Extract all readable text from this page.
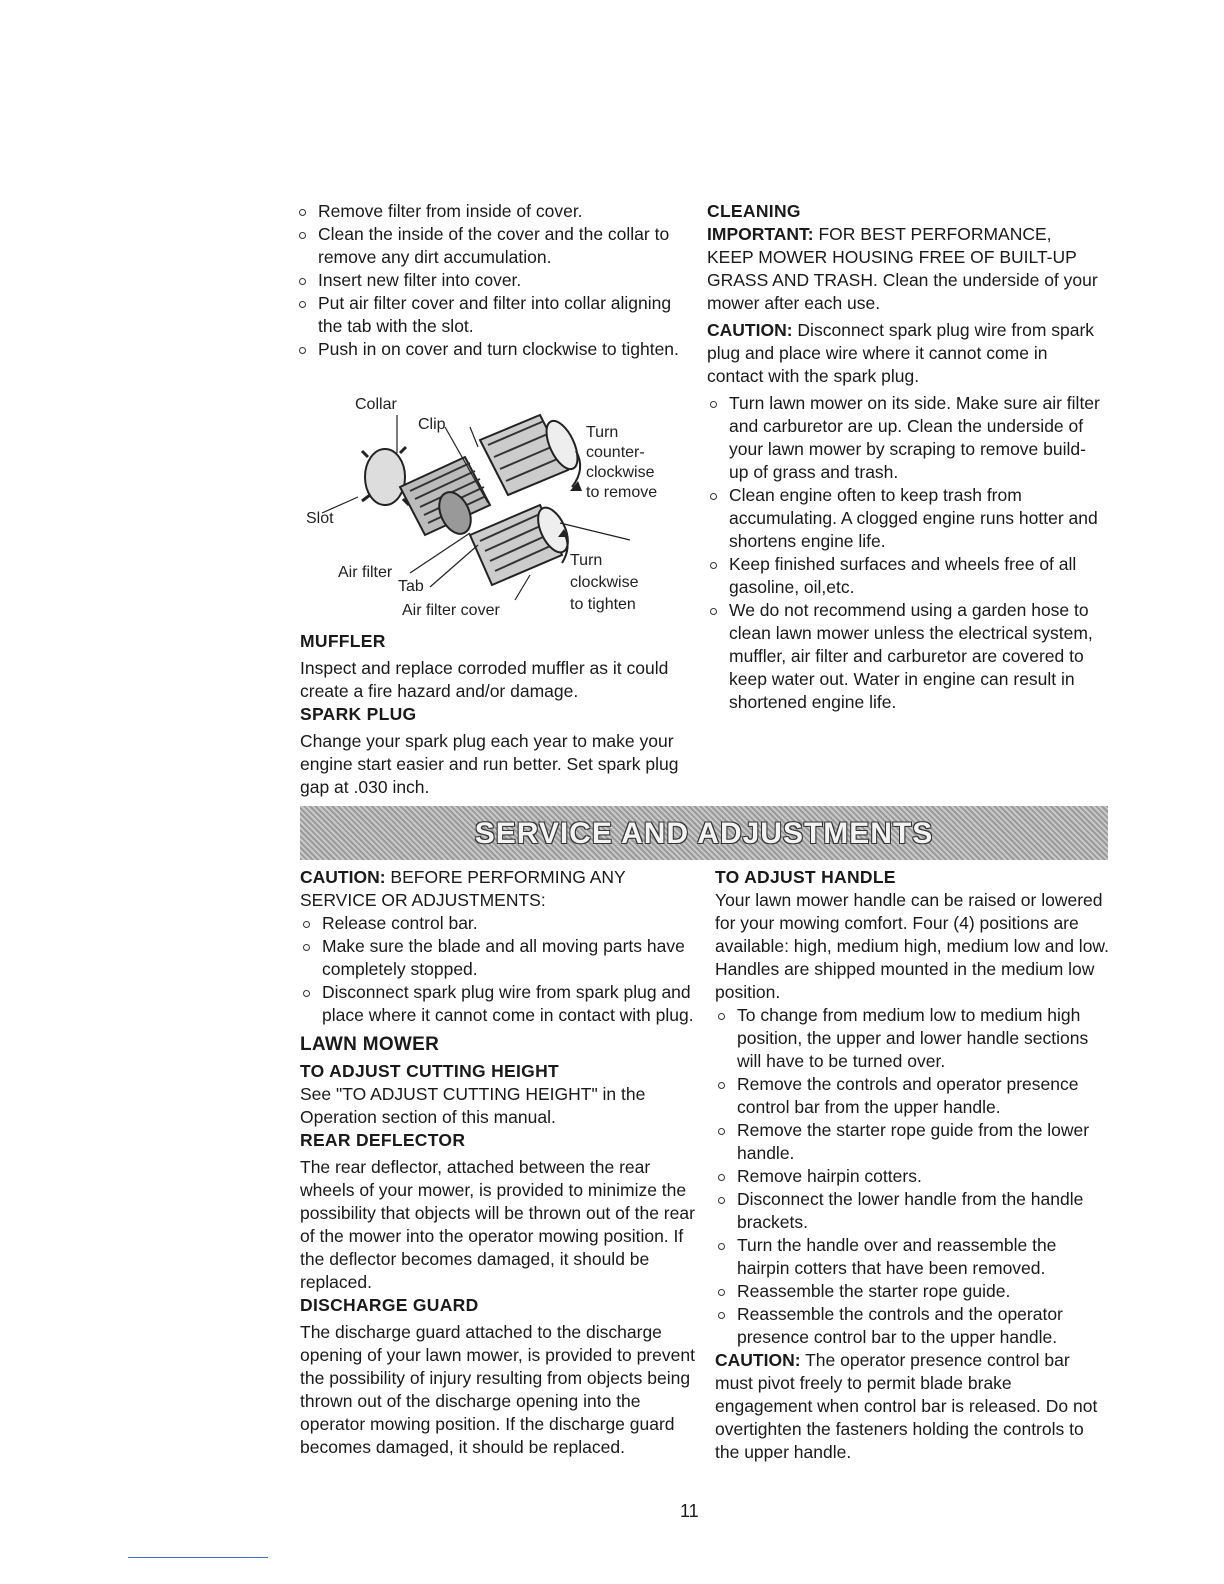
Remove filter from inside of cover.
Clean the inside of the cover and the collar to remove any dirt accumulation.
Insert new filter into cover.
Put air filter cover and filter into collar aligning the tab with the slot.
Push in on cover and turn clockwise to tighten.
Collar
Clip
Slot
Air filter
Tab
Air filter cover
Turn
counter-
clockwise
to remove
Turn
clockwise
to tighten
MUFFLER

Inspect and replace corroded muffler as it could create a fire hazard and/or damage.

SPARK PLUG

Change your spark plug each year to make your engine start easier and run better. Set spark plug gap at .030 inch.

CLEANING

IMPORTANT: FOR BEST PERFORMANCE, KEEP MOWER HOUSING FREE OF BUILT-UP GRASS AND TRASH. Clean the underside of your mower after each use.

CAUTION: Disconnect spark plug wire from spark plug and place wire where it cannot come in contact with the spark plug.

Turn lawn mower on its side. Make sure air filter and carburetor are up. Clean the underside of your lawn mower by scraping to remove build-up of grass and trash.
Clean engine often to keep trash from accumulating. A clogged engine runs hotter and shortens engine life.
Keep finished surfaces and wheels free of all gasoline, oil,etc.
We do not recommend using a garden hose to clean lawn mower unless the electrical system, muffler, air filter and carburetor are covered to keep water out. Water in engine can result in shortened engine life.
SERVICE AND ADJUSTMENTS

CAUTION: BEFORE PERFORMING ANY SERVICE OR ADJUSTMENTS:

Release control bar.
Make sure the blade and all moving parts have completely stopped.
Disconnect spark plug wire from spark plug and place where it cannot come in contact with plug.
LAWN MOWER
TO ADJUST CUTTING HEIGHT

See "TO ADJUST CUTTING HEIGHT" in the Operation section of this manual.

REAR DEFLECTOR

The rear deflector, attached between the rear wheels of your mower, is provided to minimize the possibility that objects will be thrown out of the rear of the mower into the operator mowing position. If the deflector becomes damaged, it should be replaced.

DISCHARGE GUARD

The discharge guard attached to the discharge opening of your lawn mower, is provided to prevent the possibility of injury resulting from objects being thrown out of the discharge opening into the operator mowing position. If the discharge guard becomes damaged, it should be replaced.

TO ADJUST HANDLE

Your lawn mower handle can be raised or lowered for your mowing comfort. Four (4) positions are available: high, medium high, medium low and low. Handles are shipped mounted in the medium low position.

To change from medium low to medium high position, the upper and lower handle sections will have to be turned over.
Remove the controls and operator presence control bar from the upper handle.
Remove the starter rope guide from the lower handle.
Remove hairpin cotters.
Disconnect the lower handle from the handle brackets.
Turn the handle over and reassemble the hairpin cotters that have been removed.
Reassemble the starter rope guide.
Reassemble the controls and the operator presence control bar to the upper handle.

CAUTION: The operator presence control bar must pivot freely to permit blade brake engagement when control bar is released. Do not overtighten the fasteners holding the controls to the upper handle.

11
